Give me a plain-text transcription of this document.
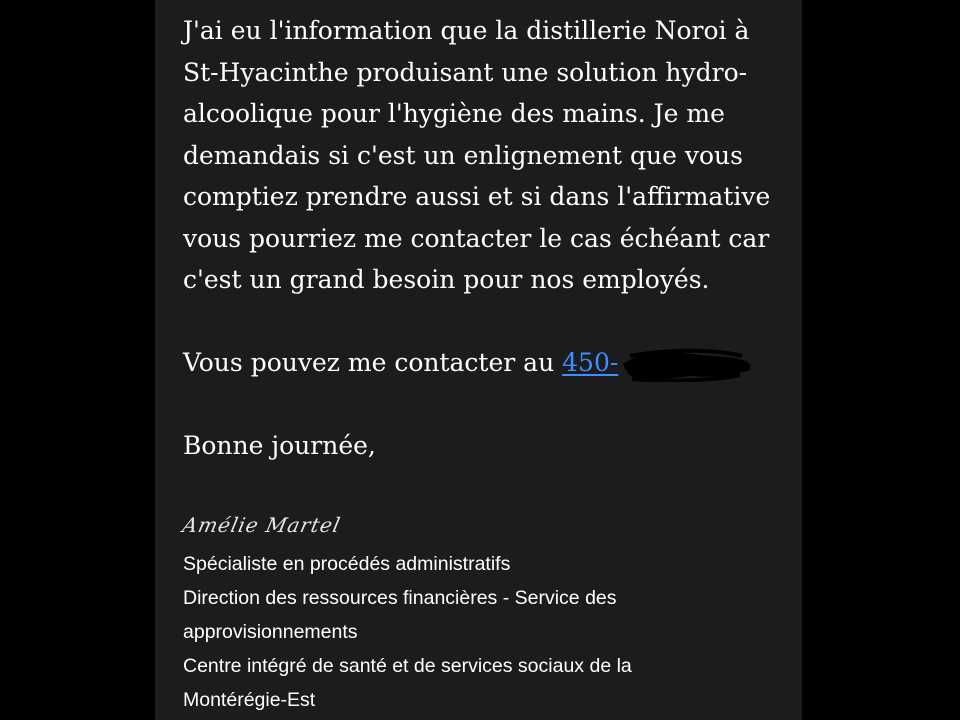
J'ai eu l'information que la distillerie Noroi à St-Hyacinthe produisant une solution hydro-alcoolique pour l'hygiène des mains. Je me demandais si c'est un enlignement que vous comptiez prendre aussi et si dans l'affirmative vous pourriez me contacter le cas échéant car c'est un grand besoin pour nos employés.

Vous pouvez me contacter au 450-

Bonne journée,

Amélie Martel
Spécialiste en procédés administratifs
Direction des ressources financières - Service des
approvisionnements
Centre intégré de santé et de services sociaux de la
Montérégie-Est
